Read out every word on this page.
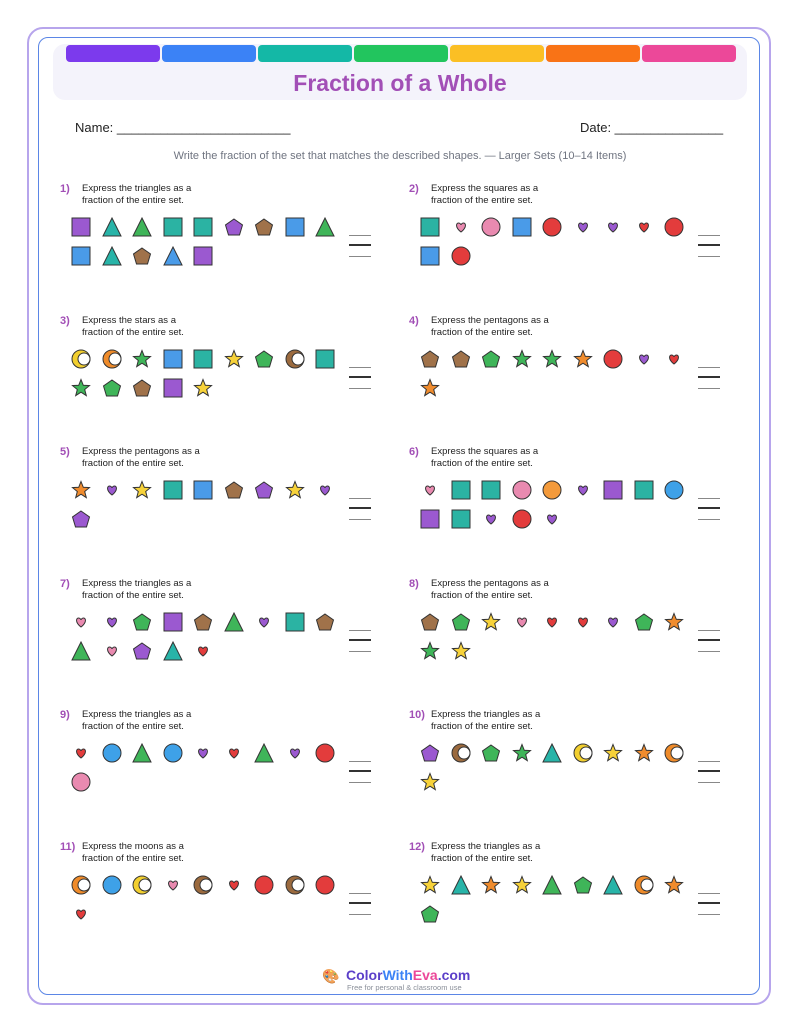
Fraction of a Whole
Name: ________________________	Date: _______________
Write the fraction of the set that matches the described shapes. — Larger Sets (10–14 Items)
1) Express the triangles as a
fraction of the entire set.
2) Express the squares as a
fraction of the entire set.
3) Express the stars as a
fraction of the entire set.
4) Express the pentagons as a
fraction of the entire set.
5) Express the pentagons as a
fraction of the entire set.
6) Express the squares as a
fraction of the entire set.
7) Express the triangles as a
fraction of the entire set.
8) Express the pentagons as a
fraction of the entire set.
9) Express the triangles as a
fraction of the entire set.
10) Express the triangles as a
fraction of the entire set.
11) Express the moons as a
fraction of the entire set.
12) Express the triangles as a
fraction of the entire set.
🎨 ColorWithEva.com
Free for personal & classroom use
